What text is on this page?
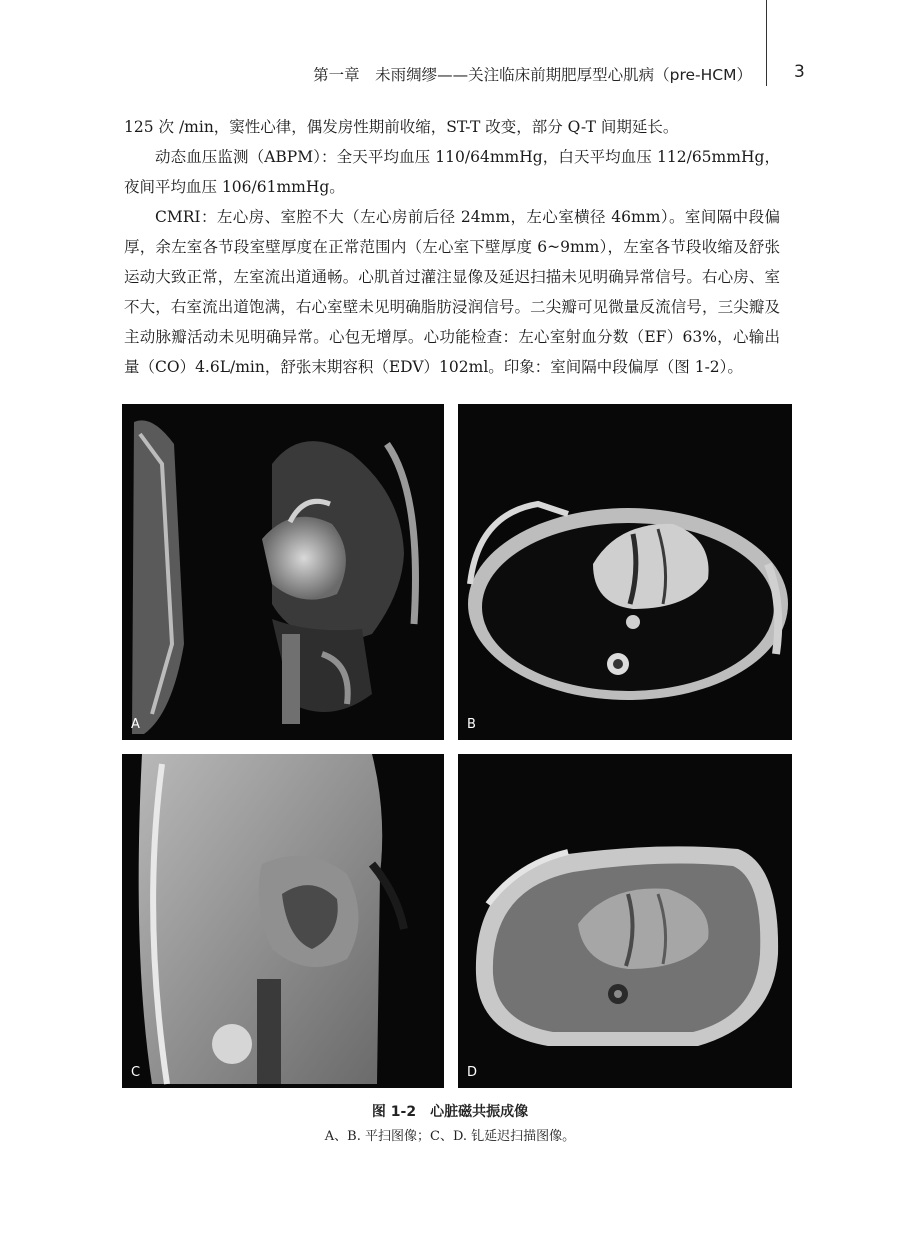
第一章　未雨绸缪——关注临床前期肥厚型心肌病（pre-HCM） 3

125 次 /min，窦性心律，偶发房性期前收缩，ST-T 改变，部分 Q-T 间期延长。

动态血压监测（ABPM）：全天平均血压 110/64mmHg，白天平均血压 112/65mmHg，夜间平均血压 106/61mmHg。

CMRI：左心房、室腔不大（左心房前后径 24mm，左心室横径 46mm）。室间隔中段偏厚，余左室各节段室壁厚度在正常范围内（左心室下壁厚度 6~9mm），左室各节段收缩及舒张运动大致正常，左室流出道通畅。心肌首过灌注显像及延迟扫描未见明确异常信号。右心房、室不大，右室流出道饱满，右心室壁未见明确脂肪浸润信号。二尖瓣可见微量反流信号，三尖瓣及主动脉瓣活动未见明确异常。心包无增厚。心功能检查：左心室射血分数（EF）63%，心输出量（CO）4.6L/min，舒张末期容积（EDV）102ml。印象：室间隔中段偏厚（图 1-2）。

A	B
C	D
图 1-2　心脏磁共振成像
A、B. 平扫图像；C、D. 钆延迟扫描图像。
